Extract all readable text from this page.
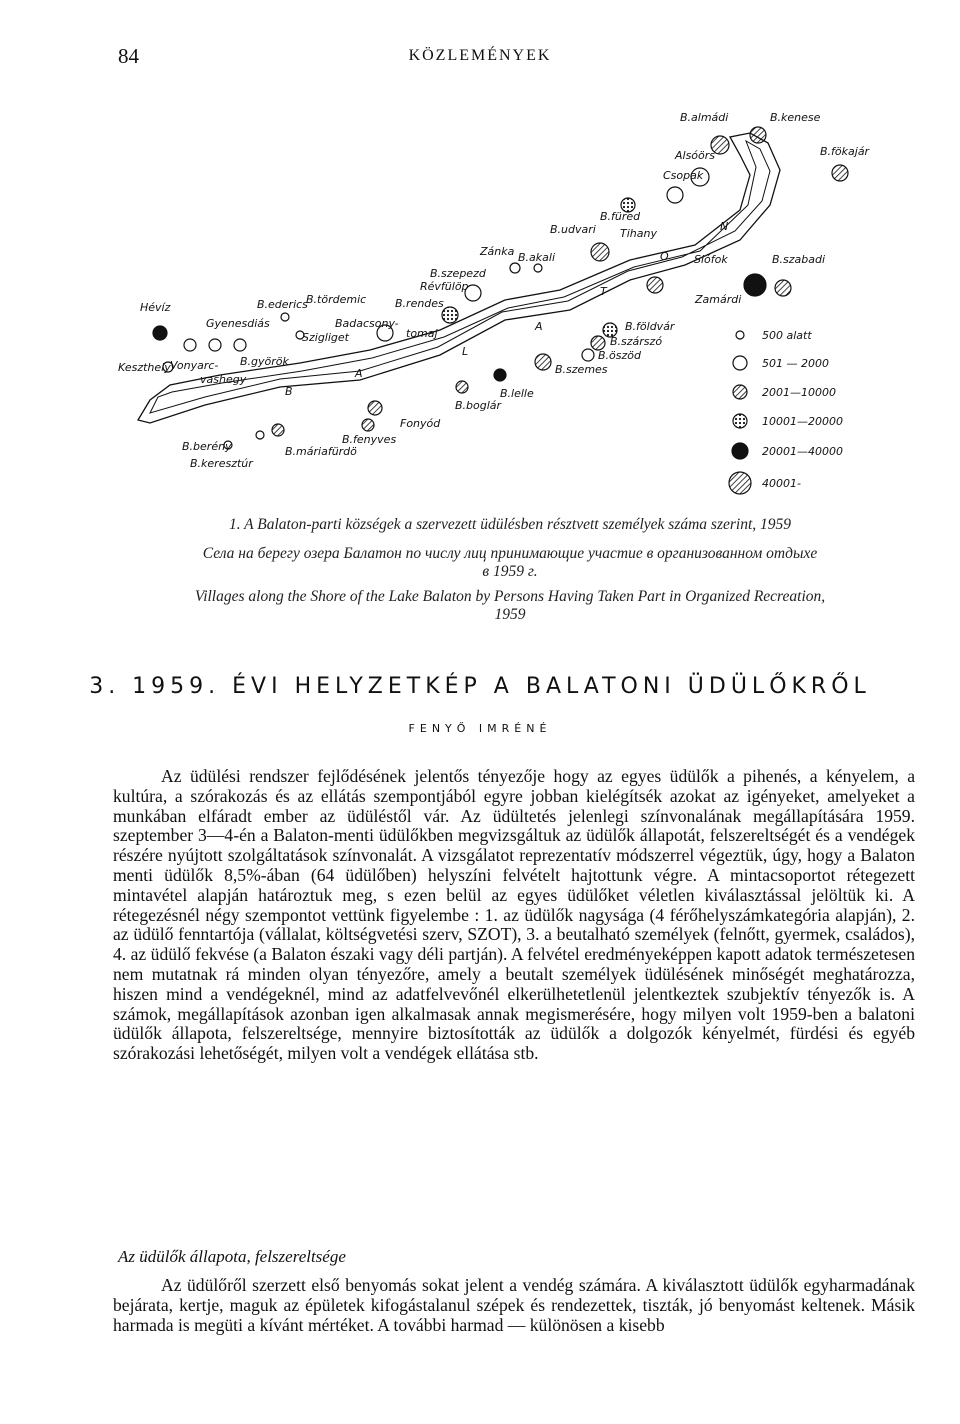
84	KÖZLEMÉNYEK
B
A
L
A
T
O
N
Hévíz
Keszthely
Gyenesdiás
Vonyarc-
vashegy
B.györök
B.ederics
B.tördemic
Szigliget
B.rendes
Badacsony-
tomaj
Révfülöp
B.szepezd
Zánka B.akali
B.udvari Tihany
B.füred
Csopak
Alsóörs
B.almádi	B.kenese
B.fökajár
Siófok	B.szabadi
Zamárdi
B.földvár
B.szárszó
B.öszöd
B.szemes
B.lelle
B.boglár
Fonyód
B.fenyves
B.máriafürdö
B.berény
B.keresztúr
500 alatt
501 — 2000
2001—10000
10001—20000
20001—40000
40001-
1. A Balaton-parti községek a szervezett üdülésben résztvett személyek száma szerint, 1959
Села на берегу озера Балатон по числу лиц принимающие участие в организованном отдыхе
в 1959 г.
Villages along the Shore of the Lake Balaton by Persons Having Taken Part in Organized Recreation,
1959
3. 1959. ÉVI HELYZETKÉP A BALATONI ÜDÜLŐKRŐL
FENYŐ IMRÉNÉ
Az üdülési rendszer fejlődésének jelentős tényezője hogy az egyes üdülők a pihenés, a kényelem, a kultúra, a szórakozás és az ellátás szempontjából egyre jobban kielégítsék azokat az igényeket, amelyeket a munkában elfáradt ember az üdüléstől vár. Az üdültetés jelenlegi színvonalának megállapítására 1959. szeptember 3—4-én a Balaton-menti üdülőkben megvizsgáltuk az üdülők állapotát, felszereltségét és a vendégek részére nyújtott szolgáltatások színvonalát. A vizsgálatot reprezentatív módszerrel végeztük, úgy, hogy a Balaton menti üdülők 8,5%-ában (64 üdülőben) helyszíni felvételt hajtottunk végre. A mintacsoportot rétegezett mintavétel alapján határoztuk meg, s ezen belül az egyes üdülőket véletlen kiválasztással jelöltük ki. A rétegezésnél négy szempontot vettünk figyelembe : 1. az üdülők nagysága (4 férőhelyszámkategória alapján), 2. az üdülő fenntartója (vállalat, költségvetési szerv, SZOT), 3. a beutalható személyek (felnőtt, gyermek, családos), 4. az üdülő fekvése (a Balaton északi vagy déli partján). A felvétel eredményeképpen kapott adatok természetesen nem mutatnak rá minden olyan tényezőre, amely a beutalt személyek üdülésének minőségét meghatározza, hiszen mind a vendégeknél, mind az adatfelvevőnél elkerülhetetlenül jelentkeztek szubjektív tényezők is. A számok, megállapítások azonban igen alkalmasak annak megismerésére, hogy milyen volt 1959-ben a balatoni üdülők állapota, felszereltsége, mennyire biztosították az üdülők a dolgozók kényelmét, fürdési és egyéb szórakozási lehetőségét, milyen volt a vendégek ellátása stb.
Az üdülők állapota, felszereltsége
Az üdülőről szerzett első benyomás sokat jelent a vendég számára. A kiválasztott üdülők egyharmadának bejárata, kertje, maguk az épületek kifogástalanul szépek és rendezettek, tiszták, jó benyomást keltenek. Másik harmada is megüti a kívánt mértéket. A további harmad — különösen a kisebb
